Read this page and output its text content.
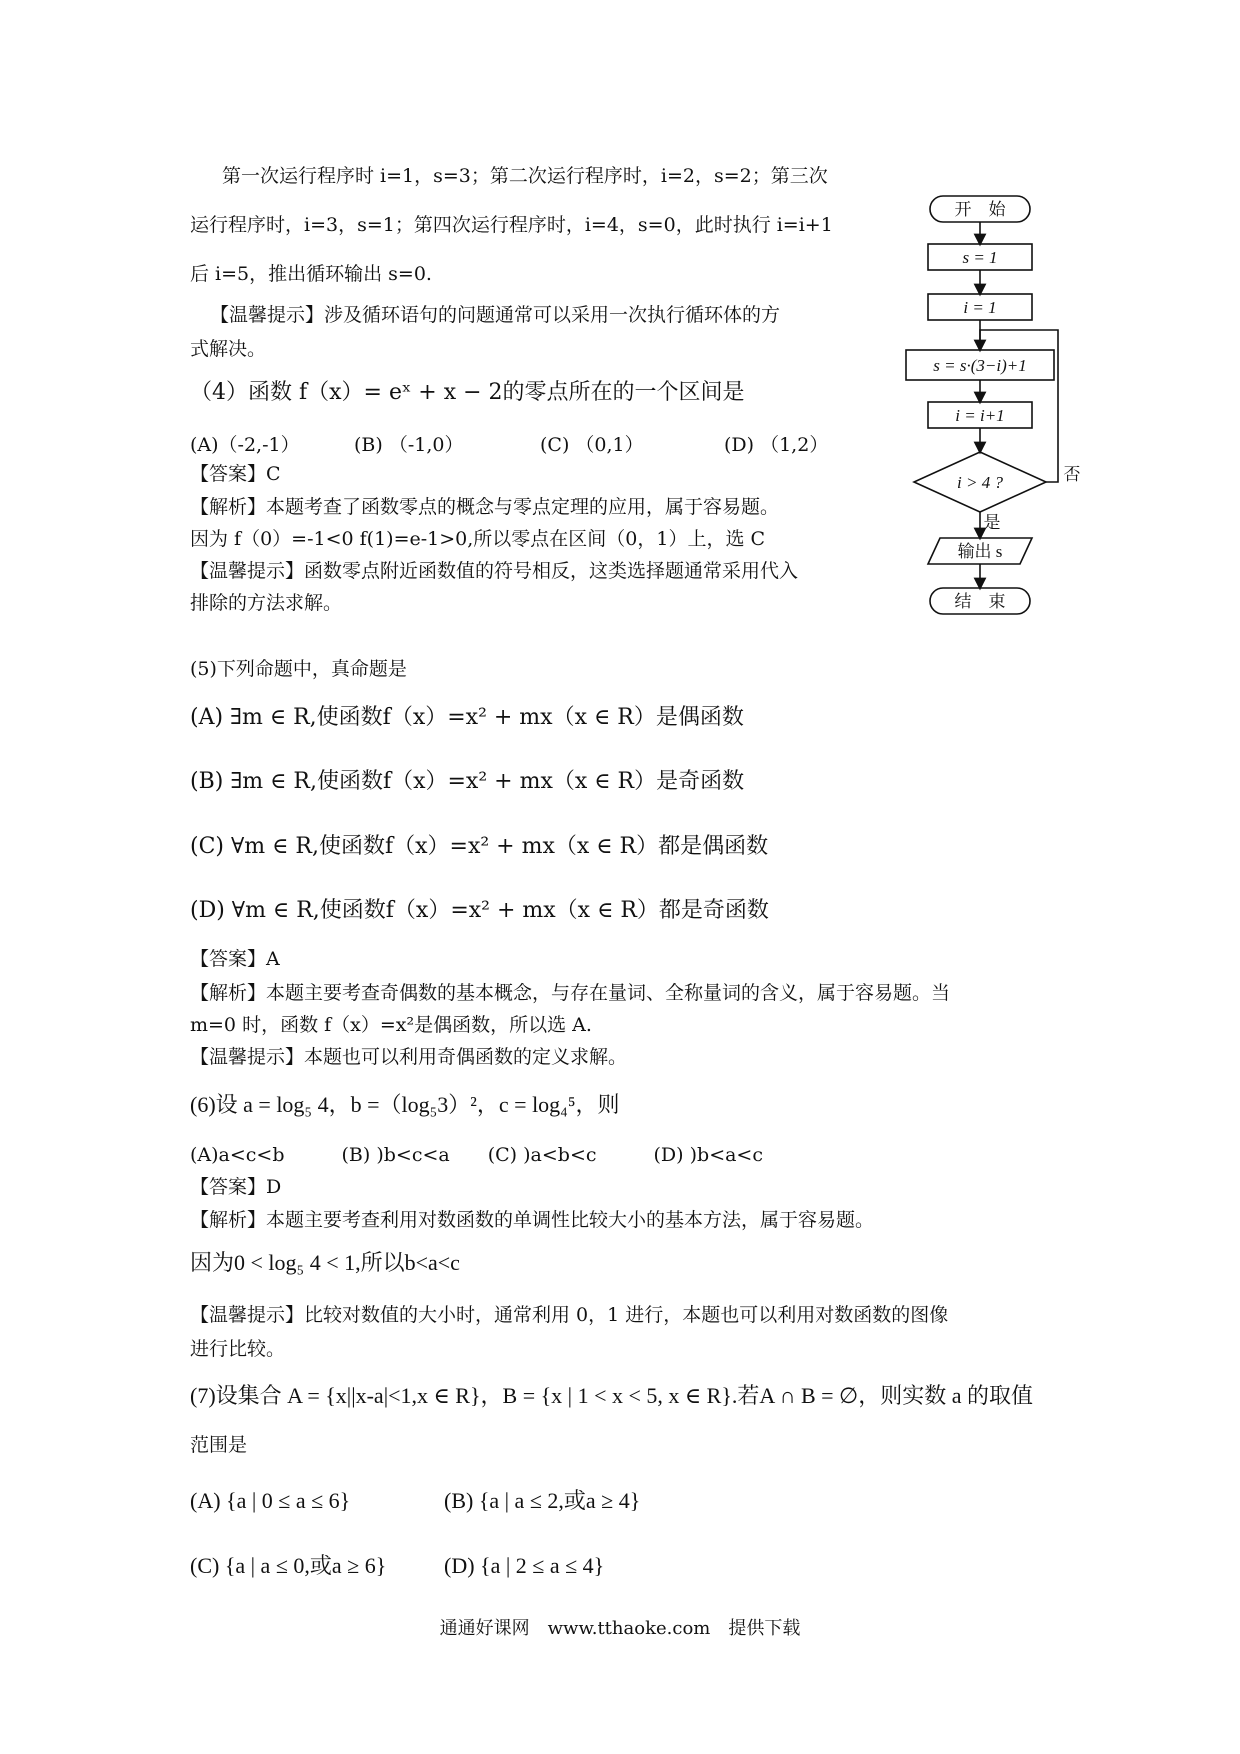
第一次运行程序时 i=1，s=3；第二次运行程序时，i=2，s=2；第三次
运行程序时，i=3，s=1；第四次运行程序时，i=4，s=0，此时执行 i=i+1
后 i=5，推出循环输出 s=0.
【温馨提示】涉及循环语句的问题通常可以采用一次执行循环体的方
式解决。
开　始
s = 1
i = 1
s = s·(3−i)+1
i = i+1
i > 4 ?	否
是
输出 s
结　束
（4）函数 f（x）= eˣ + x − 2的零点所在的一个区间是
(A)（-2,-1）	(B) （-1,0）	(C) （0,1）	(D) （1,2）
【答案】C
【解析】本题考查了函数零点的概念与零点定理的应用，属于容易题。
因为 f（0）=-1<0 f(1)=e-1>0,所以零点在区间（0，1）上，选 C
【温馨提示】函数零点附近函数值的符号相反，这类选择题通常采用代入
排除的方法求解。
(5)下列命题中，真命题是
(A) ∃m ∈ R,使函数f（x）=x² + mx（x ∈ R）是偶函数
(B) ∃m ∈ R,使函数f（x）=x² + mx（x ∈ R）是奇函数
(C) ∀m ∈ R,使函数f（x）=x² + mx（x ∈ R）都是偶函数
(D) ∀m ∈ R,使函数f（x）=x² + mx（x ∈ R）都是奇函数
【答案】A
【解析】本题主要考查奇偶数的基本概念，与存在量词、全称量词的含义，属于容易题。当
m=0 时，函数 f（x）=x²是偶函数，所以选 A.
【温馨提示】本题也可以利用奇偶函数的定义求解。
(6)设 a = log₅ 4，b =（log₅3）²，c = log₄⁵，则
(A)a<c<b　　　(B) )b<c<a　　(C) )a<b<c　　　(D) )b<a<c
【答案】D
【解析】本题主要考查利用对数函数的单调性比较大小的基本方法，属于容易题。
因为0 < log₅ 4 < 1,所以b<a<c
【温馨提示】比较对数值的大小时，通常利用 0，1 进行，本题也可以利用对数函数的图像
进行比较。
(7)设集合 A = {x||x-a|<1,x ∈ R}，B = {x | 1 < x < 5, x ∈ R}.若A ∩ B = ∅，则实数 a 的取值
范围是
(A) {a | 0 ≤ a ≤ 6}	(B) {a | a ≤ 2,或a ≥ 4}
(C) {a | a ≤ 0,或a ≥ 6}	(D) {a | 2 ≤ a ≤ 4}
通通好课网　www.tthaoke.com　提供下载
